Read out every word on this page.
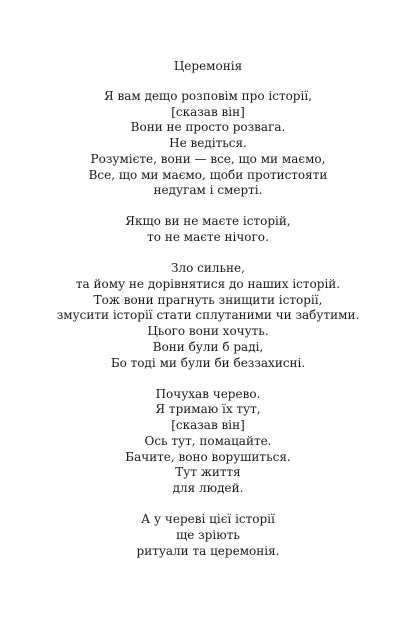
Церемонія
Я вам дещо розповім про історії,
[сказав він]
Вони не просто розвага.
Не ведіться.
Розумієте, вони — все, що ми маємо,
Все, що ми маємо, щоби протистояти
недугам і смерті.
Якщо ви не маєте історій,
то не маєте нічого.
Зло сильне,
та йому не дорівнятися до наших історій.
Тож вони прагнуть знищити історії,
змусити історії стати сплутаними чи забутими.
Цього вони хочуть.
Вони були б раді,
Бо тоді ми були би беззахисні.
Почухав черево.
Я тримаю їх тут,
[сказав він]
Ось тут, помацайте.
Бачите, воно ворушиться.
Тут життя
для людей.
А у череві цієї історії
ще зріють
ритуали та церемонія.
